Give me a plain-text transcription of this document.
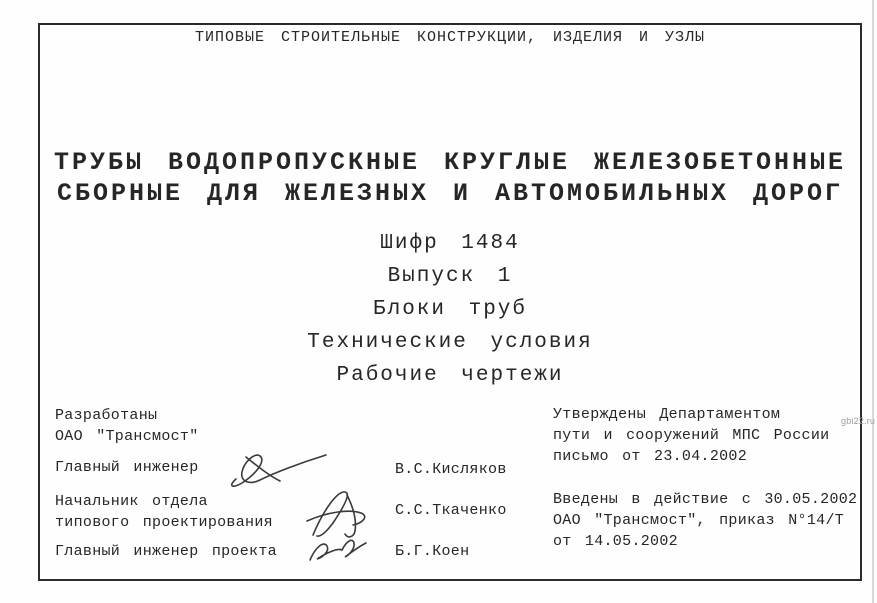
ТИПОВЫЕ СТРОИТЕЛЬНЫЕ КОНСТРУКЦИИ, ИЗДЕЛИЯ И УЗЛЫ
ТРУБЫ ВОДОПРОПУСКНЫЕ КРУГЛЫЕ ЖЕЛЕЗОБЕТОННЫЕ
СБОРНЫЕ ДЛЯ ЖЕЛЕЗНЫХ И АВТОМОБИЛЬНЫХ ДОРОГ
Шифр 1484
Выпуск 1
Блоки труб
Технические условия
Рабочие чертежи
Разработаны
ОАО "Трансмост"
Главный инженер
Начальник отдела
типового проектирования
Главный инженер проекта
В.С.Кисляков
С.С.Ткаченко
Б.Г.Коен
Утверждены Департаментом
пути и сооружений МПС России
письмо от 23.04.2002
Введены в действие с 30.05.2002
ОАО "Трансмост", приказ N°14/Т
от 14.05.2002
gbi22.ru
